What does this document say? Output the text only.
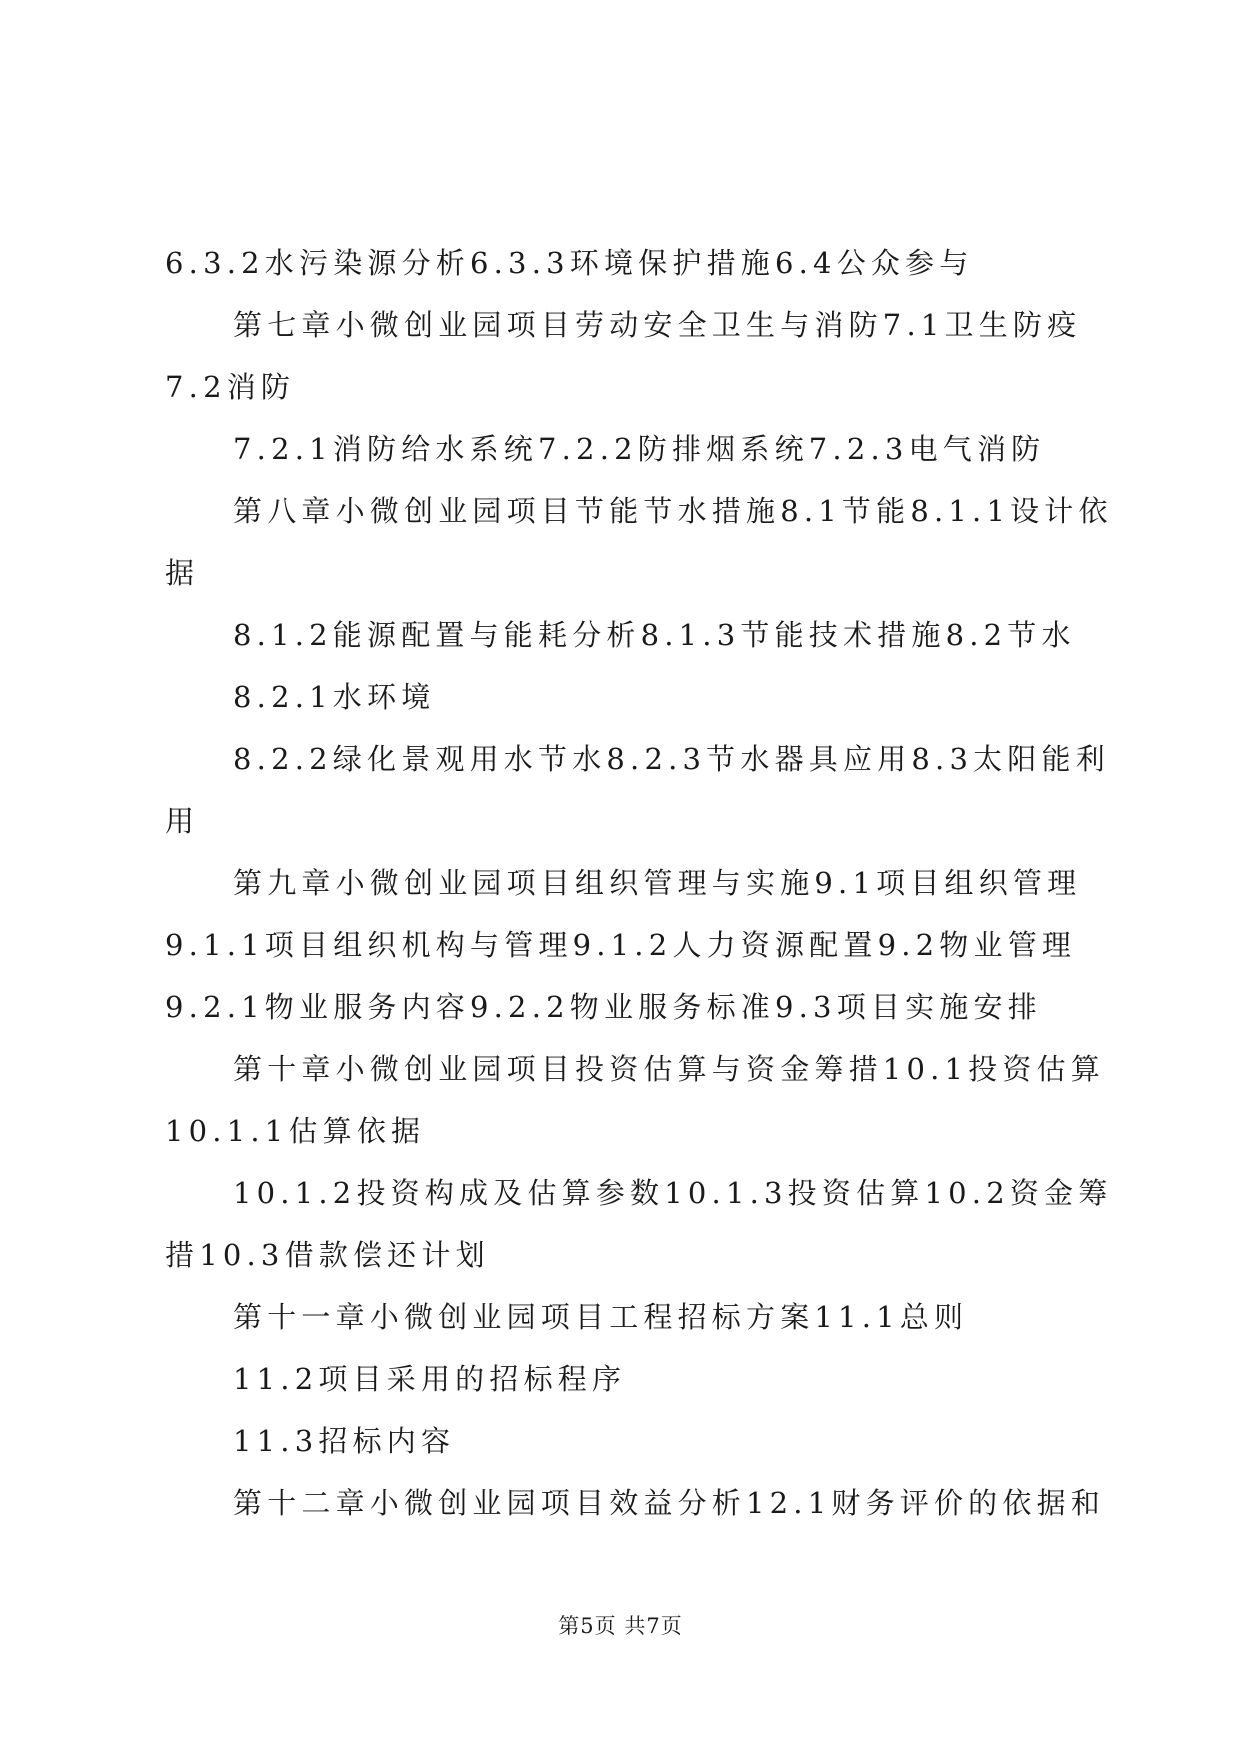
6.3.2水污染源分析6.3.3环境保护措施6.4公众参与
第七章小微创业园项目劳动安全卫生与消防7.1卫生防疫
7.2消防
7.2.1消防给水系统7.2.2防排烟系统7.2.3电气消防
第八章小微创业园项目节能节水措施8.1节能8.1.1设计依
据
8.1.2能源配置与能耗分析8.1.3节能技术措施8.2节水
8.2.1水环境
8.2.2绿化景观用水节水8.2.3节水器具应用8.3太阳能利
用
第九章小微创业园项目组织管理与实施9.1项目组织管理
9.1.1项目组织机构与管理9.1.2人力资源配置9.2物业管理
9.2.1物业服务内容9.2.2物业服务标准9.3项目实施安排
第十章小微创业园项目投资估算与资金筹措10.1投资估算
10.1.1估算依据
10.1.2投资构成及估算参数10.1.3投资估算10.2资金筹
措10.3借款偿还计划
第十一章小微创业园项目工程招标方案11.1总则
11.2项目采用的招标程序
11.3招标内容
第十二章小微创业园项目效益分析12.1财务评价的依据和
第5页 共7页
